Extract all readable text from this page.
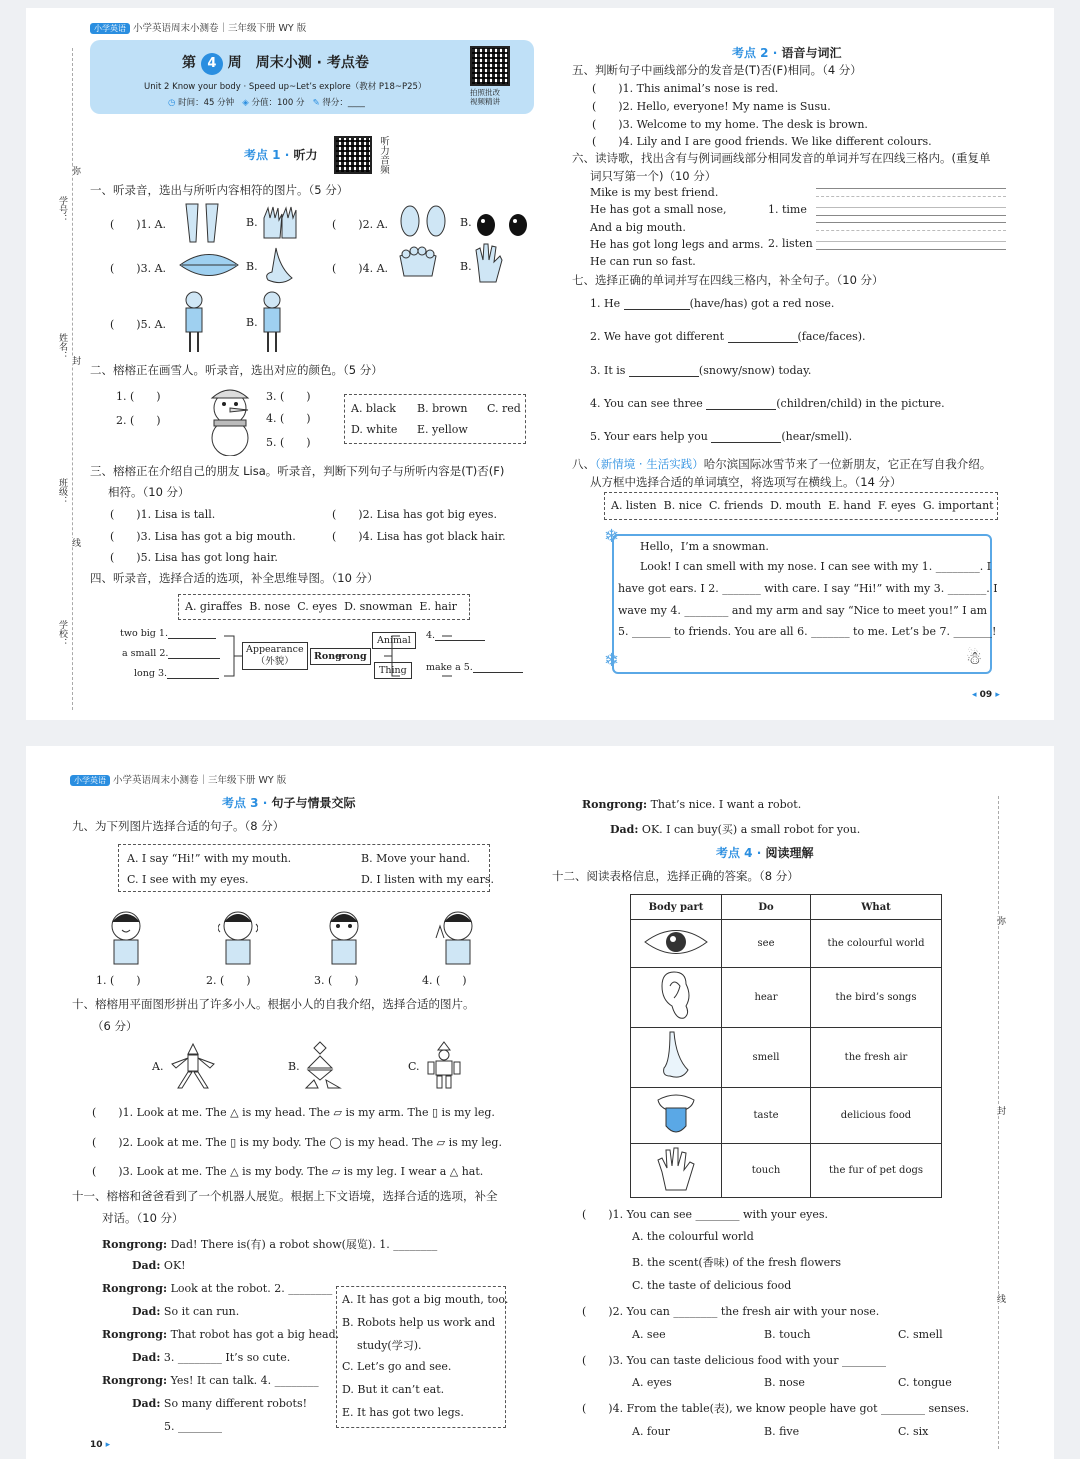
小学英语 小学英语周末小测卷｜三年级下册 WY 版
学号：
姓名：
班级：
学校：
弥
封
线
第 4 周　周末小测 · 考点卷
Unit 2 Know your body · Speed up~Let’s explore（教材 P18~P25）
◷ 时间：45 分钟 ◈ 分值：100 分 ✎ 得分：____
拍照批改
视频精讲
考点 1 · 听力	听力音频
一、听录音，选出与所听内容相符的图片。（5 分）
(　　)1. A.	B.	(　　)2. A.	B.
(　　)3. A.	B.	(　　)4. A.	B.
(　　)5. A.	B.
二、榕榕正在画雪人。听录音，选出对应的颜色。（5 分）
1. (　　)
2. (　　)
3. (　　)
4. (　　)
5. (　　)
A. black B. brown C. red
D. white E. yellow
三、榕榕正在介绍自己的朋友 Lisa。听录音，判断下列句子与所听内容是(T)否(F)
相符。（10 分）
(　　)1. Lisa is tall.	(　　)2. Lisa has got big eyes.
(　　)3. Lisa has got a big mouth.	(　　)4. Lisa has got black hair.
(　　)5. Lisa has got long hair.
四、听录音，选择合适的选项，补全思维导图。（10 分）
A. giraffes B. nose C. eyes D. snowman E. hair
two big 1.
a small 2.
long 3.
Appearance
（外貌）	Rongrong
Animal
Thing
4.
make a 5.
考点 2 · 语音与词汇
五、判断句子中画线部分的发音是(T)否(F)相同。（4 分）
(　　)1. This animal’s nose is red.
(　　)2. Hello, everyone! My name is Susu.
(　　)3. Welcome to my home. The desk is brown.
(　　)4. Lily and I are good friends. We like different colours.
六、读诗歌，找出含有与例词画线部分相同发音的单词并写在四线三格内。(重复单
词只写第一个)（10 分）
Mike is my best friend.
He has got a small nose,
And a big mouth.
He has got long legs and arms.
He can run so fast.
1. time
2. listen
七、选择正确的单词并写在四线三格内，补全句子。（10 分）
1. He	(have/has) got a red nose.
2. We have got different	(face/faces).
3. It is	(snowy/snow) today.
4. You can see three	(children/child) in the picture.
5. Your ears help you	(hear/smell).
八、（新情境 · 生活实践）哈尔滨国际冰雪节来了一位新朋友，它正在写自我介绍。
从方框中选择合适的单词填空，将选项写在横线上。（14 分）
A. listen B. nice C. friends D. mouth E. hand F. eyes G. important
❄
❄	☃
Hello，I’m a snowman.
Look! I can smell with my nose. I can see with my 1. ________. I
have got ears. I 2. _______ with care. I say “Hi!” with my 3. _______. I
wave my 4. ________ and my arm and say “Nice to meet you!” I am
5. _______ to friends. You are all 6. _______ to me. Let’s be 7. _______!
◂ 09 ▸
小学英语 小学英语周末小测卷｜三年级下册 WY 版
弥
封
线
考点 3 · 句子与情景交际
九、为下列图片选择合适的句子。（8 分）
A. I say “Hi!” with my mouth.	B. Move your hand.
C. I see with my eyes.	D. I listen with my ears.
1. (　　)	2. (　　)	3. (　　)	4. (　　)
十、榕榕用平面图形拼出了许多小人。根据小人的自我介绍，选择合适的图片。
（6 分）
A.	B.	C.
(　　)1. Look at me. The △ is my head. The ▱ is my arm. The ▯ is my leg.
(　　)2. Look at me. The ▯ is my body. The ◯ is my head. The ▱ is my leg.
(　　)3. Look at me. The △ is my body. The ▱ is my leg. I wear a △ hat.
十一、榕榕和爸爸看到了一个机器人展览。根据上下文语境，选择合适的选项，补全
对话。（10 分）
Rongrong: Dad! There is(有) a robot show(展览). 1. ________
Dad: OK!
Rongrong: Look at the robot. 2. ________
Dad: So it can run.
Rongrong: That robot has got a big head.
Dad: 3. ________ It’s so cute.
Rongrong: Yes! It can talk. 4. ________
Dad: So many different robots!
5. ________
A. It has got a big mouth, too.
B. Robots help us work and
study(学习).
C. Let’s go and see.
D. But it can’t eat.
E. It has got two legs.
10 ▸
Rongrong: That’s nice. I want a robot.
Dad: OK. I can buy(买) a small robot for you.
考点 4 · 阅读理解
十二、阅读表格信息，选择正确的答案。（8 分）
Body part	Do	What
	see	the colourful world
	hear	the bird’s songs
	smell	the fresh air
	taste	delicious food
	touch	the fur of pet dogs
(　　)1. You can see ________ with your eyes.
A. the colourful world
B. the scent(香味) of the fresh flowers
C. the taste of delicious food
(　　)2. You can ________ the fresh air with your nose.
A. see	B. touch	C. smell
(　　)3. You can taste delicious food with your ________
A. eyes	B. nose	C. tongue
(　　)4. From the table(表), we know people have got ________ senses.
A. four	B. five	C. six
